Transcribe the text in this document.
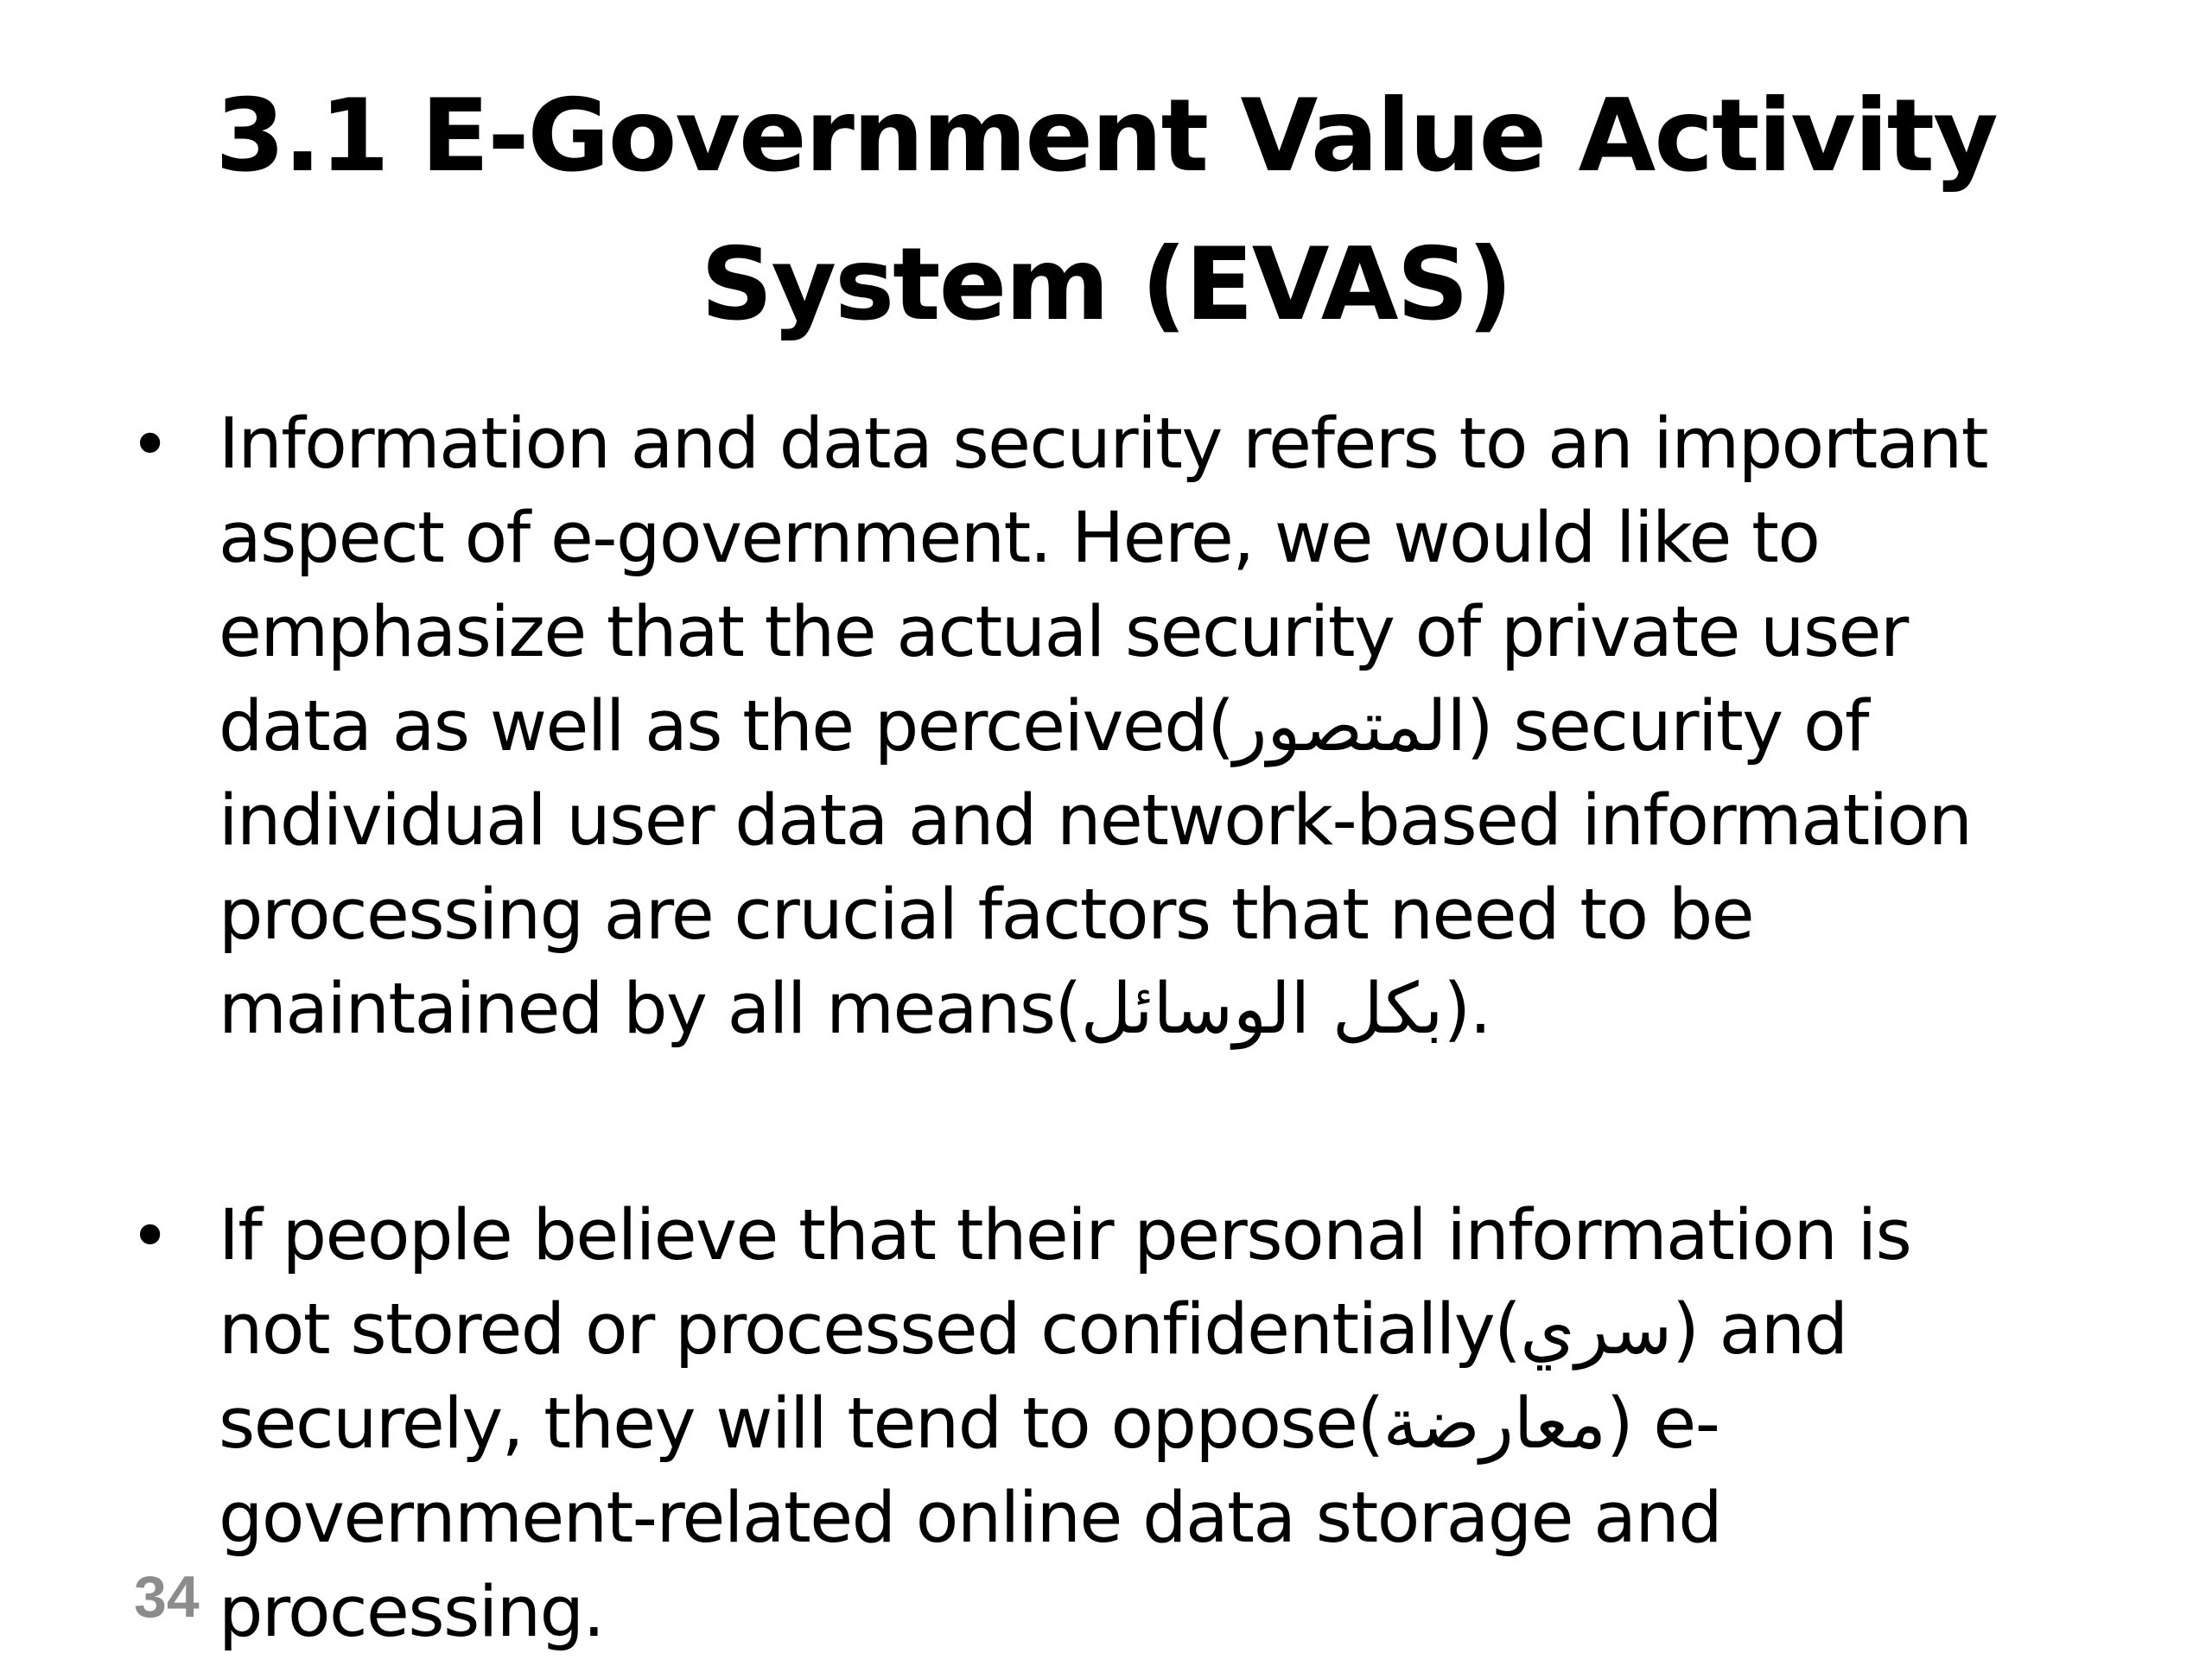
3.1 E-Government Value Activity
System (EVAS)
• Information and data security refers to an important
aspect of e-government. Here, we would like to
emphasize that the actual security of private user
data as well as the perceived(المتصور) security of
individual user data and network-based information
processing are crucial factors that need to be
maintained by all means(بكل الوسائل).
• If people believe that their personal information is
not stored or processed confidentially(سري) and
securely, they will tend to oppose(معارضة) e-
government-related online data storage and
processing.
34
